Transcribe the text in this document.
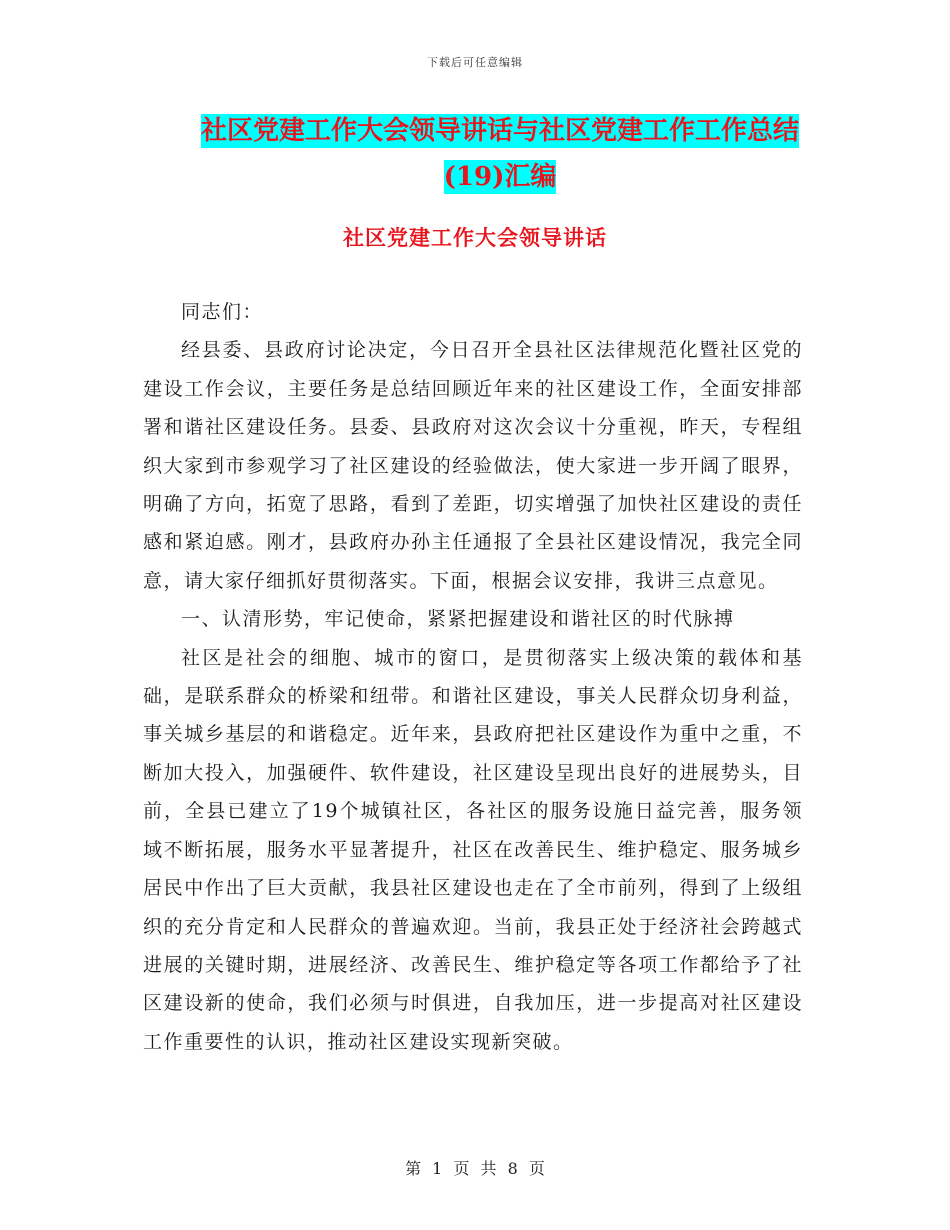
下载后可任意编辑
社区党建工作大会领导讲话与社区党建工作工作总结(19)汇编
社区党建工作大会领导讲话

同志们：

经县委、县政府讨论决定，今日召开全县社区法律规范化暨社区党的建设工作会议，主要任务是总结回顾近年来的社区建设工作，全面安排部署和谐社区建设任务。县委、县政府对这次会议十分重视，昨天，专程组织大家到市参观学习了社区建设的经验做法，使大家进一步开阔了眼界，明确了方向，拓宽了思路，看到了差距，切实增强了加快社区建设的责任感和紧迫感。刚才，县政府办孙主任通报了全县社区建设情况，我完全同意，请大家仔细抓好贯彻落实。下面，根据会议安排，我讲三点意见。

一、认清形势，牢记使命，紧紧把握建设和谐社区的时代脉搏

社区是社会的细胞、城市的窗口，是贯彻落实上级决策的载体和基础，是联系群众的桥梁和纽带。和谐社区建设，事关人民群众切身利益，事关城乡基层的和谐稳定。近年来，县政府把社区建设作为重中之重，不断加大投入，加强硬件、软件建设，社区建设呈现出良好的进展势头，目前，全县已建立了19个城镇社区，各社区的服务设施日益完善，服务领域不断拓展，服务水平显著提升，社区在改善民生、维护稳定、服务城乡居民中作出了巨大贡献，我县社区建设也走在了全市前列，得到了上级组织的充分肯定和人民群众的普遍欢迎。当前，我县正处于经济社会跨越式进展的关键时期，进展经济、改善民生、维护稳定等各项工作都给予了社区建设新的使命，我们必须与时俱进，自我加压，进一步提高对社区建设工作重要性的认识，推动社区建设实现新突破。

第 1 页 共 8 页
